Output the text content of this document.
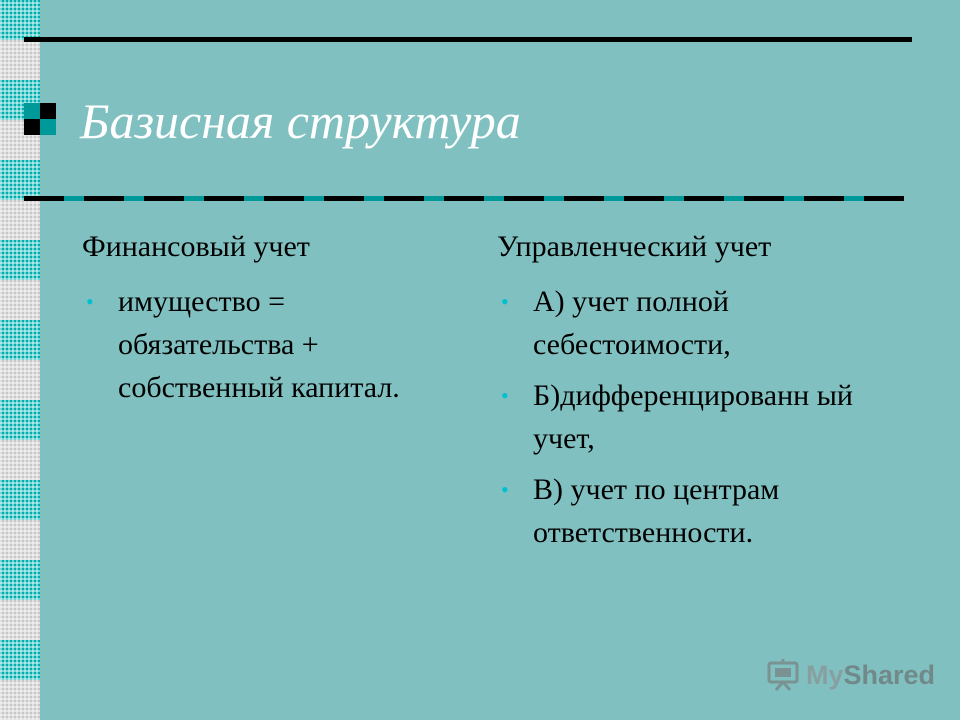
Базисная структура
Финансовый учет
• имущество = обязательства + собственный капитал.
Управленческий учет
• А) учет полной себестоимости,
• Б)дифференцированн ый учет,
• В) учет по центрам ответственности.
MyShared
